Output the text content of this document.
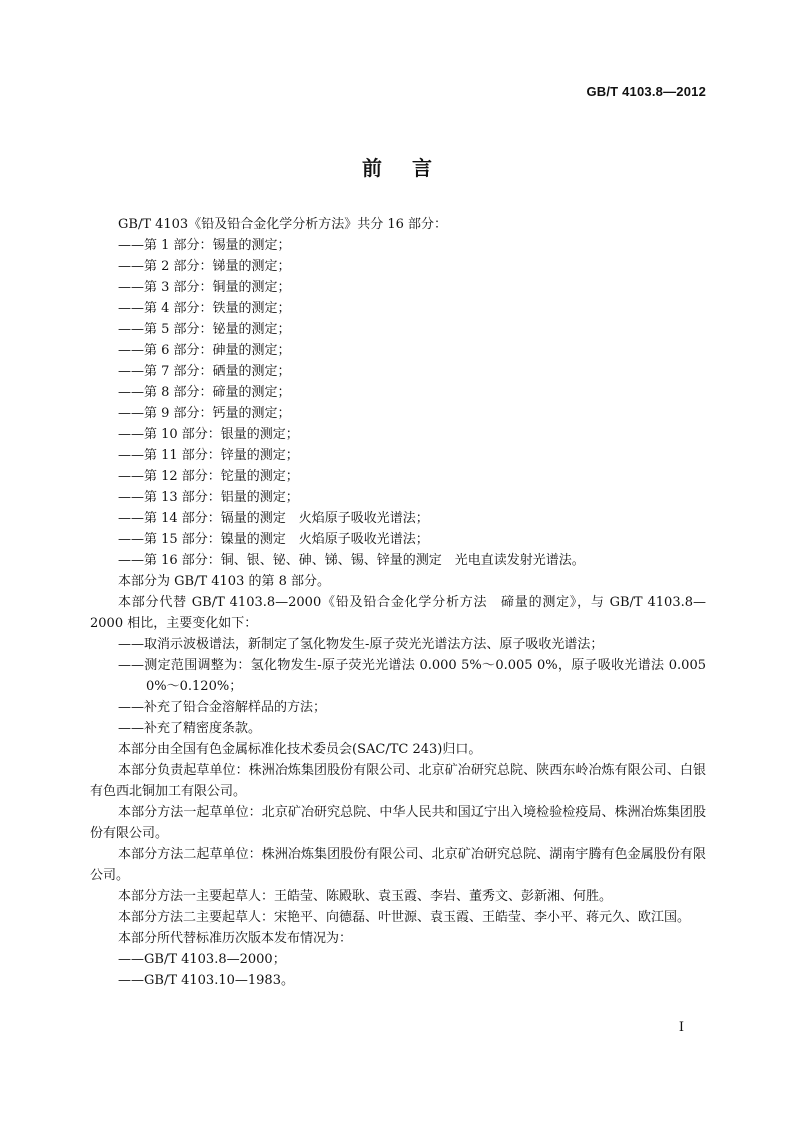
GB/T 4103.8—2012
前言

GB/T 4103《铅及铅合金化学分析方法》共分 16 部分：

——第 1 部分：锡量的测定；

——第 2 部分：锑量的测定；

——第 3 部分：铜量的测定；

——第 4 部分：铁量的测定；

——第 5 部分：铋量的测定；

——第 6 部分：砷量的测定；

——第 7 部分：硒量的测定；

——第 8 部分：碲量的测定；

——第 9 部分：钙量的测定；

——第 10 部分：银量的测定；

——第 11 部分：锌量的测定；

——第 12 部分：铊量的测定；

——第 13 部分：铝量的测定；

——第 14 部分：镉量的测定　火焰原子吸收光谱法；

——第 15 部分：镍量的测定　火焰原子吸收光谱法；

——第 16 部分：铜、银、铋、砷、锑、锡、锌量的测定　光电直读发射光谱法。

本部分为 GB/T 4103 的第 8 部分。

本部分代替 GB/T 4103.8—2000《铅及铅合金化学分析方法　碲量的测定》，与 GB/T 4103.8—2000 相比，主要变化如下：

——取消示波极谱法，新制定了氢化物发生-原子荧光光谱法方法、原子吸收光谱法；

——测定范围调整为：氢化物发生-原子荧光光谱法 0.000 5%～0.005 0%，原子吸收光谱法 0.005 0%～0.120%；

——补充了铅合金溶解样品的方法；

——补充了精密度条款。

本部分由全国有色金属标准化技术委员会(SAC/TC 243)归口。

本部分负责起草单位：株洲冶炼集团股份有限公司、北京矿冶研究总院、陕西东岭冶炼有限公司、白银有色西北铜加工有限公司。

本部分方法一起草单位：北京矿冶研究总院、中华人民共和国辽宁出入境检验检疫局、株洲冶炼集团股份有限公司。

本部分方法二起草单位：株洲冶炼集团股份有限公司、北京矿冶研究总院、湖南宇腾有色金属股份有限公司。

本部分方法一主要起草人：王皓莹、陈殿耿、袁玉霞、李岩、董秀文、彭新湘、何胜。

本部分方法二主要起草人：宋艳平、向德磊、叶世源、袁玉霞、王皓莹、李小平、蒋元久、欧江国。

本部分所代替标准历次版本发布情况为：

——GB/T 4103.8—2000；

——GB/T 4103.10—1983。

I
